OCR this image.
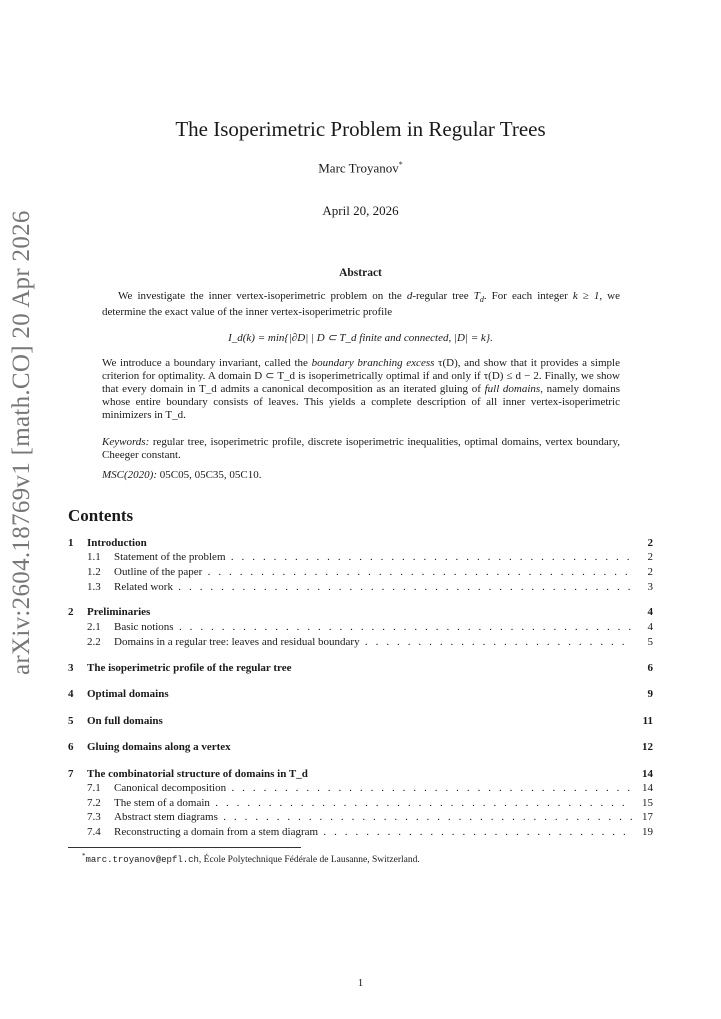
arXiv:2604.18769v1 [math.CO] 20 Apr 2026
The Isoperimetric Problem in Regular Trees
Marc Troyanov*
April 20, 2026
Abstract
We investigate the inner vertex-isoperimetric problem on the d-regular tree $T_d$. For each integer k ≥ 1, we determine the exact value of the inner vertex-isoperimetric profile
I_d(k) = min{|∂D| | D ⊂ T_d finite and connected, |D| = k}.
We introduce a boundary invariant, called the boundary branching excess τ(D), and show that it provides a simple criterion for optimality. A domain D ⊂ T_d is isoperimetrically optimal if and only if τ(D) ≤ d − 2. Finally, we show that every domain in T_d admits a canonical decomposition as an iterated gluing of full domains, namely domains whose entire boundary consists of leaves. This yields a complete description of all inner vertex-isoperimetric minimizers in T_d.
Keywords: regular tree, isoperimetric profile, discrete isoperimetric inequalities, optimal domains, vertex boundary, Cheeger constant.
MSC(2020): 05C05, 05C35, 05C10.
Contents
1 Introduction	2
1.1 Statement of the problem . . .	2
1.2 Outline of the paper . . .	2
1.3 Related work . . .	3
2 Preliminaries	4
2.1 Basic notions . . .	4
2.2 Domains in a regular tree: leaves and residual boundary . . .	5
3 The isoperimetric profile of the regular tree	6
4 Optimal domains	9
5 On full domains	11
6 Gluing domains along a vertex	12
7 The combinatorial structure of domains in T_d	14
7.1 Canonical decomposition . . .	14
7.2 The stem of a domain . . .	15
7.3 Abstract stem diagrams . . .	17
7.4 Reconstructing a domain from a stem diagram . . .	19
*marc.troyanov@epfl.ch, École Polytechnique Fédérale de Lausanne, Switzerland.
1
